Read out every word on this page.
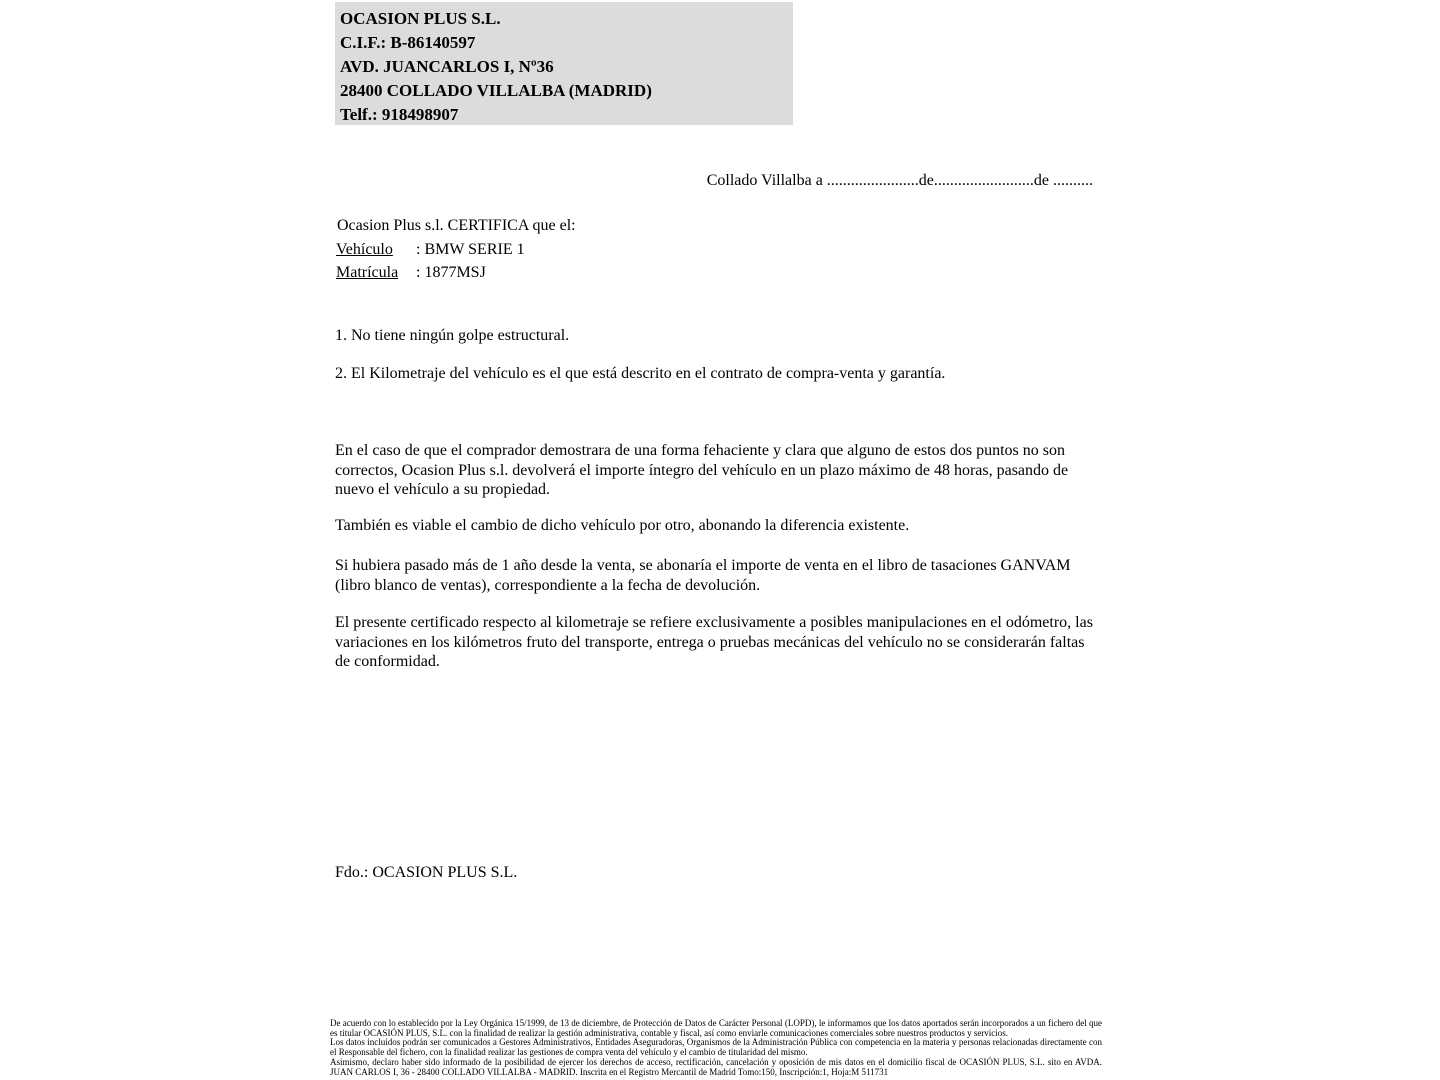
OCASION PLUS S.L.
C.I.F.: B-86140597
AVD. JUANCARLOS I, Nº36
28400 COLLADO VILLALBA (MADRID)
Telf.: 918498907
Collado Villalba a .......................de.........................de ..........
Ocasion Plus s.l. CERTIFICA que el:
Vehículo : BMW SERIE 1
Matrícula : 1877MSJ
1. No tiene ningún golpe estructural.
2. El Kilometraje del vehículo es el que está descrito en el contrato de compra-venta y garantía.
En el caso de que el comprador demostrara de una forma fehaciente y clara que alguno de estos dos puntos no son correctos, Ocasion Plus s.l. devolverá el importe íntegro del vehículo en un plazo máximo de 48 horas, pasando de nuevo el vehículo a su propiedad.
También es viable el cambio de dicho vehículo por otro, abonando la diferencia existente.
Si hubiera pasado más de 1 año desde la venta, se abonaría el importe de venta en el libro de tasaciones GANVAM (libro blanco de ventas), correspondiente a la fecha de devolución.
El presente certificado respecto al kilometraje se refiere exclusivamente a posibles manipulaciones en el odómetro, las variaciones en los kilómetros fruto del transporte, entrega o pruebas mecánicas del vehículo no se considerarán faltas de conformidad.
Fdo.: OCASION PLUS S.L.
De acuerdo con lo establecido por la Ley Orgánica 15/1999, de 13 de diciembre, de Protección de Datos de Carácter Personal (LOPD), le informamos que los datos aportados serán incorporados a un fichero del que es titular OCASIÓN PLUS, S.L. con la finalidad de realizar la gestión administrativa, contable y fiscal, así como enviarle comunicaciones comerciales sobre nuestros productos y servicios.
Los datos incluidos podrán ser comunicados a Gestores Administrativos, Entidades Aseguradoras, Organismos de la Administración Pública con competencia en la materia y personas relacionadas directamente con el Responsable del fichero, con la finalidad realizar las gestiones de compra venta del vehículo y el cambio de titularidad del mismo.
Asimismo, declaro haber sido informado de la posibilidad de ejercer los derechos de acceso, rectificación, cancelación y oposición de mis datos en el domicilio fiscal de OCASIÓN PLUS, S.L. sito en AVDA. JUAN CARLOS I, 36 - 28400 COLLADO VILLALBA - MADRID. Inscrita en el Registro Mercantil de Madrid Tomo:150, Inscripción:1, Hoja:M 511731
